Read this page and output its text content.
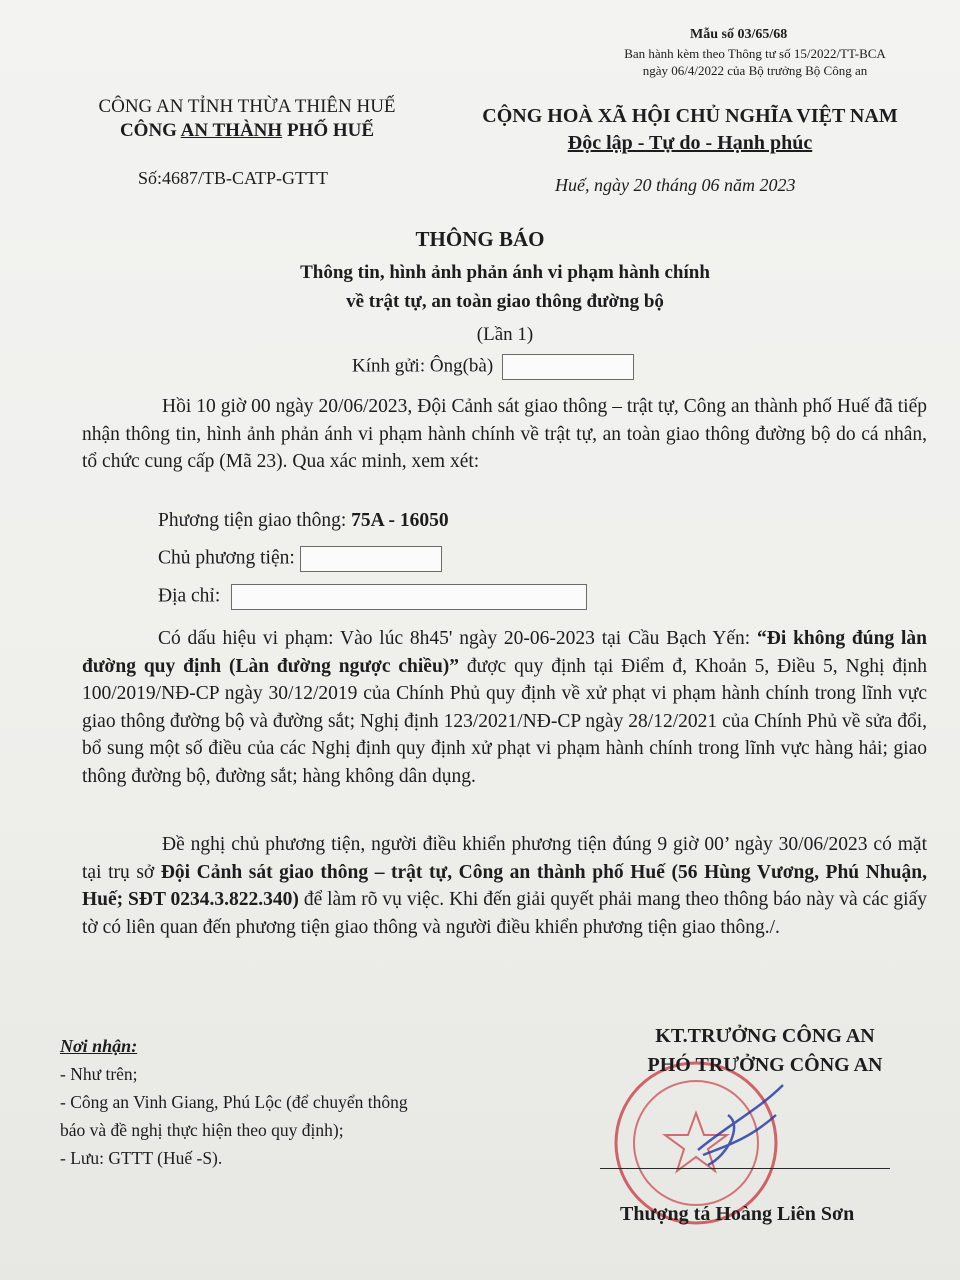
Mẫu số 03/65/68
Ban hành kèm theo Thông tư số 15/2022/TT-BCA
ngày 06/4/2022 của Bộ trưởng Bộ Công an
CÔNG AN TỈNH THỪA THIÊN HUẾ
CÔNG AN THÀNH PHỐ HUẾ
Số:4687/TB-CATP-GTTT
CỘNG HOÀ XÃ HỘI CHỦ NGHĨA VIỆT NAM
Độc lập - Tự do - Hạnh phúc
Huế, ngày 20 tháng 06 năm 2023
THÔNG BÁO
Thông tin, hình ảnh phản ánh vi phạm hành chính
về trật tự, an toàn giao thông đường bộ
(Lần 1)
Kính gửi: Ông(bà)
Hồi 10 giờ 00 ngày 20/06/2023, Đội Cảnh sát giao thông – trật tự, Công an thành phố Huế đã tiếp nhận thông tin, hình ảnh phản ánh vi phạm hành chính về trật tự, an toàn giao thông đường bộ do cá nhân, tổ chức cung cấp (Mã 23). Qua xác minh, xem xét:
Phương tiện giao thông: 75A - 16050
Chủ phương tiện:
Địa chỉ:
Có dấu hiệu vi phạm: Vào lúc 8h45' ngày 20-06-2023 tại Cầu Bạch Yến: “Đi không đúng làn đường quy định (Làn đường ngược chiều)” được quy định tại Điểm đ, Khoản 5, Điều 5, Nghị định 100/2019/NĐ-CP ngày 30/12/2019 của Chính Phủ quy định về xử phạt vi phạm hành chính trong lĩnh vực giao thông đường bộ và đường sắt; Nghị định 123/2021/NĐ-CP ngày 28/12/2021 của Chính Phủ về sửa đổi, bổ sung một số điều của các Nghị định quy định xử phạt vi phạm hành chính trong lĩnh vực hàng hải; giao thông đường bộ, đường sắt; hàng không dân dụng.
Đề nghị chủ phương tiện, người điều khiển phương tiện đúng 9 giờ 00’ ngày 30/06/2023 có mặt tại trụ sở Đội Cảnh sát giao thông – trật tự, Công an thành phố Huế (56 Hùng Vương, Phú Nhuận, Huế; SĐT 0234.3.822.340) để làm rõ vụ việc. Khi đến giải quyết phải mang theo thông báo này và các giấy tờ có liên quan đến phương tiện giao thông và người điều khiển phương tiện giao thông./.
Nơi nhận:
- Như trên;
- Công an Vinh Giang, Phú Lộc (để chuyển thông
báo và đề nghị thực hiện theo quy định);
- Lưu: GTTT (Huế -S).
KT.TRƯỞNG CÔNG AN
PHÓ TRƯỞNG CÔNG AN
Thượng tá Hoàng Liên Sơn
